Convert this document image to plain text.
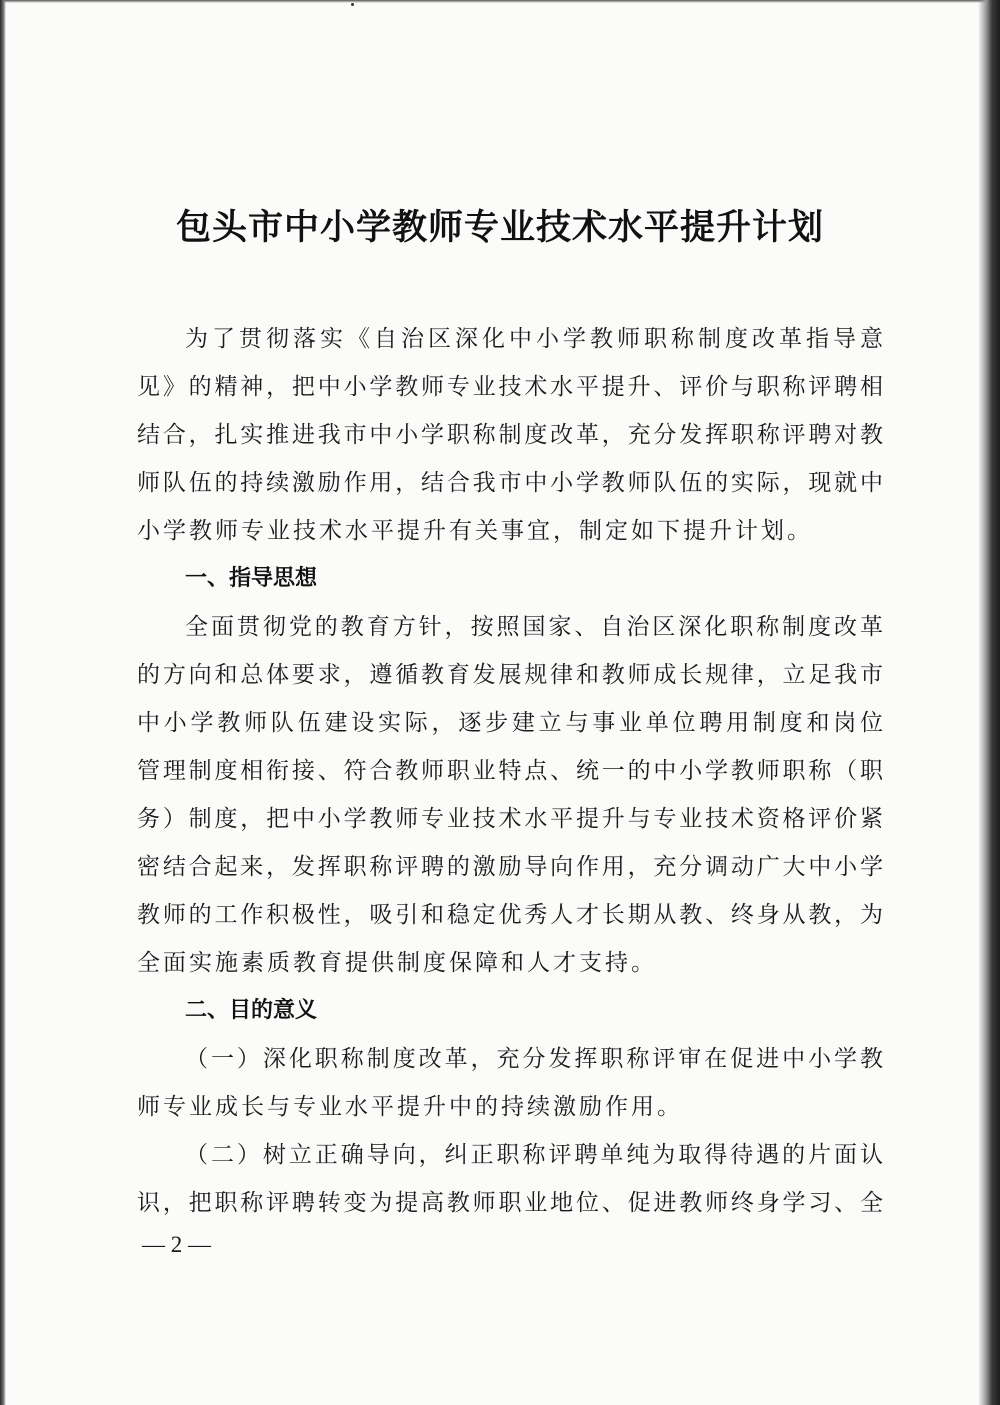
包头市中小学教师专业技术水平提升计划
为了贯彻落实《自治区深化中小学教师职称制度改革指导意
见》的精神，把中小学教师专业技术水平提升、评价与职称评聘相
结合，扎实推进我市中小学职称制度改革，充分发挥职称评聘对教
师队伍的持续激励作用，结合我市中小学教师队伍的实际，现就中
小学教师专业技术水平提升有关事宜，制定如下提升计划。
一、指导思想
全面贯彻党的教育方针，按照国家、自治区深化职称制度改革
的方向和总体要求，遵循教育发展规律和教师成长规律，立足我市
中小学教师队伍建设实际，逐步建立与事业单位聘用制度和岗位
管理制度相衔接、符合教师职业特点、统一的中小学教师职称（职
务）制度，把中小学教师专业技术水平提升与专业技术资格评价紧
密结合起来，发挥职称评聘的激励导向作用，充分调动广大中小学
教师的工作积极性，吸引和稳定优秀人才长期从教、终身从教，为
全面实施素质教育提供制度保障和人才支持。
二、目的意义
（一）深化职称制度改革，充分发挥职称评审在促进中小学教
师专业成长与专业水平提升中的持续激励作用。
（二）树立正确导向，纠正职称评聘单纯为取得待遇的片面认
识，把职称评聘转变为提高教师职业地位、促进教师终身学习、全
— 2 —
